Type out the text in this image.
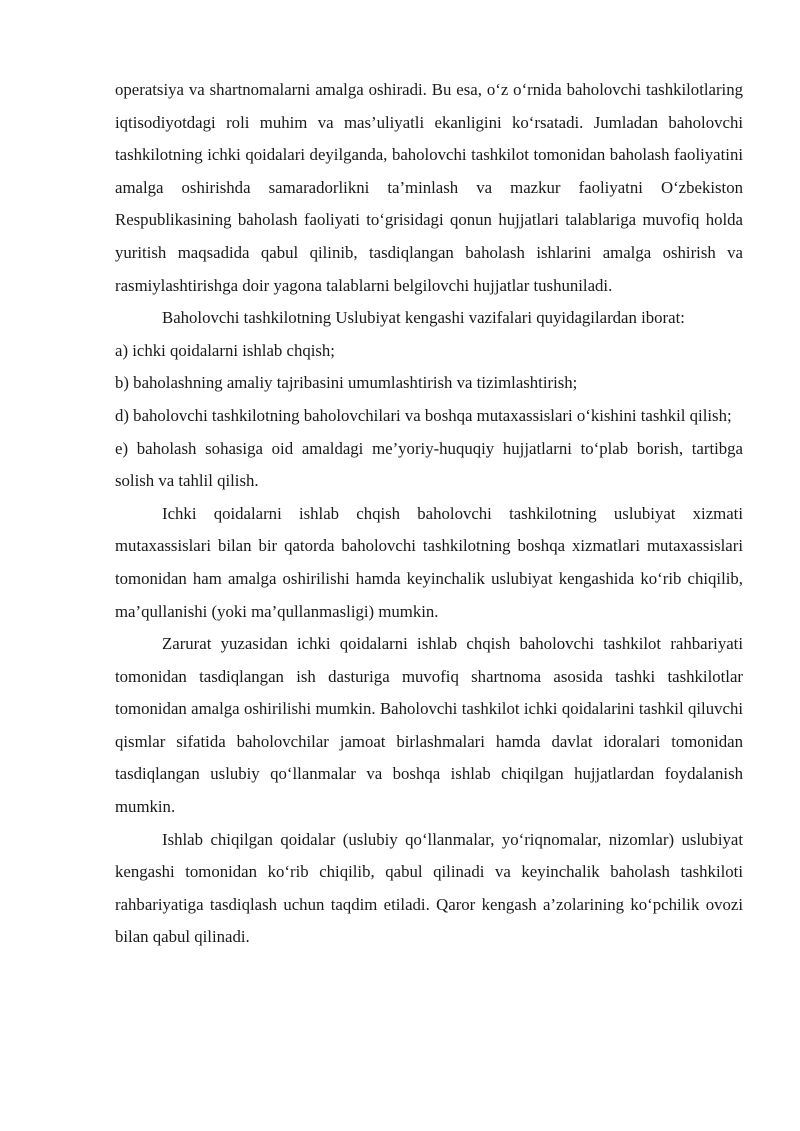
operatsiya va shartnomalarni amalga oshiradi. Bu esa, o‘z o‘rnida baholovchi tashkilotlaring iqtisodiyotdagi roli muhim va mas’uliyatli ekanligini ko‘rsatadi. Jumladan baholovchi tashkilotning ichki qoidalari deyilganda, baholovchi tashkilot tomonidan baholash faoliyatini amalga oshirishda samaradorlikni ta’minlash va mazkur faoliyatni O‘zbekiston Respublikasining baholash faoliyati to‘grisidagi qonun hujjatlari talablariga muvofiq holda yuritish maqsadida qabul qilinib, tasdiqlangan baholash ishlarini amalga oshirish va rasmiylashtirishga doir yagona talablarni belgilovchi hujjatlar tushuniladi.

Baholovchi tashkilotning Uslubiyat kengashi vazifalari quyidagilardan iborat:

a) ichki qoidalarni ishlab chqish;

b) baholashning amaliy tajribasini umumlashtirish va tizimlashtirish;

d) baholovchi tashkilotning baholovchilari va boshqa mutaxassislari o‘kishini tashkil qilish;

e) baholash sohasiga oid amaldagi me’yoriy-huquqiy hujjatlarni to‘plab borish, tartibga solish va tahlil qilish.

Ichki qoidalarni ishlab chqish baholovchi tashkilotning uslubiyat xizmati mutaxassislari bilan bir qatorda baholovchi tashkilotning boshqa xizmatlari mutaxassislari tomonidan ham amalga oshirilishi hamda keyinchalik uslubiyat kengashida ko‘rib chiqilib, ma’qullanishi (yoki ma’qullanmasligi) mumkin.

Zarurat yuzasidan ichki qoidalarni ishlab chqish baholovchi tashkilot rahbariyati tomonidan tasdiqlangan ish dasturiga muvofiq shartnoma asosida tashki tashkilotlar tomonidan amalga oshirilishi mumkin. Baholovchi tashkilot ichki qoidalarini tashkil qiluvchi qismlar sifatida baholovchilar jamoat birlashmalari hamda davlat idoralari tomonidan tasdiqlangan uslubiy qo‘llanmalar va boshqa ishlab chiqilgan hujjatlardan foydalanish mumkin.

Ishlab chiqilgan qoidalar (uslubiy qo‘llanmalar, yo‘riqnomalar, nizomlar) uslubiyat kengashi tomonidan ko‘rib chiqilib, qabul qilinadi va keyinchalik baholash tashkiloti rahbariyatiga tasdiqlash uchun taqdim etiladi. Qaror kengash a’zolarining ko‘pchilik ovozi bilan qabul qilinadi.
